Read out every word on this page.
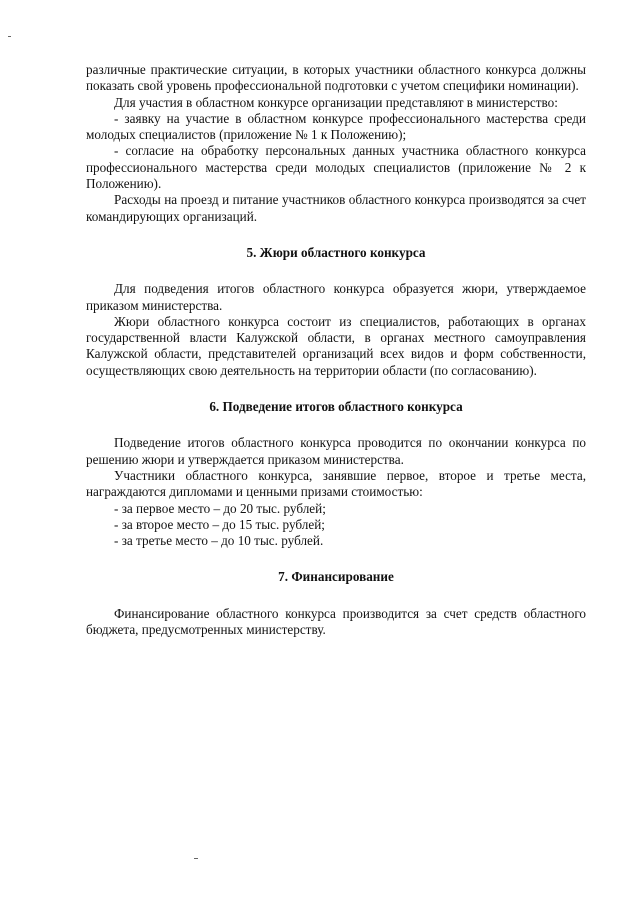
различные практические ситуации, в которых участники областного конкурса должны показать свой уровень профессиональной подготовки с учетом специфики номинации).

Для участия в областном конкурсе организации представляют в министерство:

- заявку на участие в областном конкурсе профессионального мастерства среди молодых специалистов (приложение № 1 к Положению);

- согласие на обработку персональных данных участника областного конкурса профессионального мастерства среди молодых специалистов (приложение № 2 к Положению).

Расходы на проезд и питание участников областного конкурса производятся за счет командирующих организаций.

5. Жюри областного конкурса

Для подведения итогов областного конкурса образуется жюри, утверждаемое приказом министерства.

Жюри областного конкурса состоит из специалистов, работающих в органах государственной власти Калужской области, в органах местного самоуправления Калужской области, представителей организаций всех видов и форм собственности, осуществляющих свою деятельность на территории области (по согласованию).

6. Подведение итогов областного конкурса

Подведение итогов областного конкурса проводится по окончании конкурса по решению жюри и утверждается приказом министерства.

Участники областного конкурса, занявшие первое, второе и третье места, награждаются дипломами и ценными призами стоимостью:

- за первое место – до 20 тыс. рублей;

- за второе место – до 15 тыс. рублей;

- за третье место – до 10 тыс. рублей.

7. Финансирование

Финансирование областного конкурса производится за счет средств областного бюджета, предусмотренных министерству.
